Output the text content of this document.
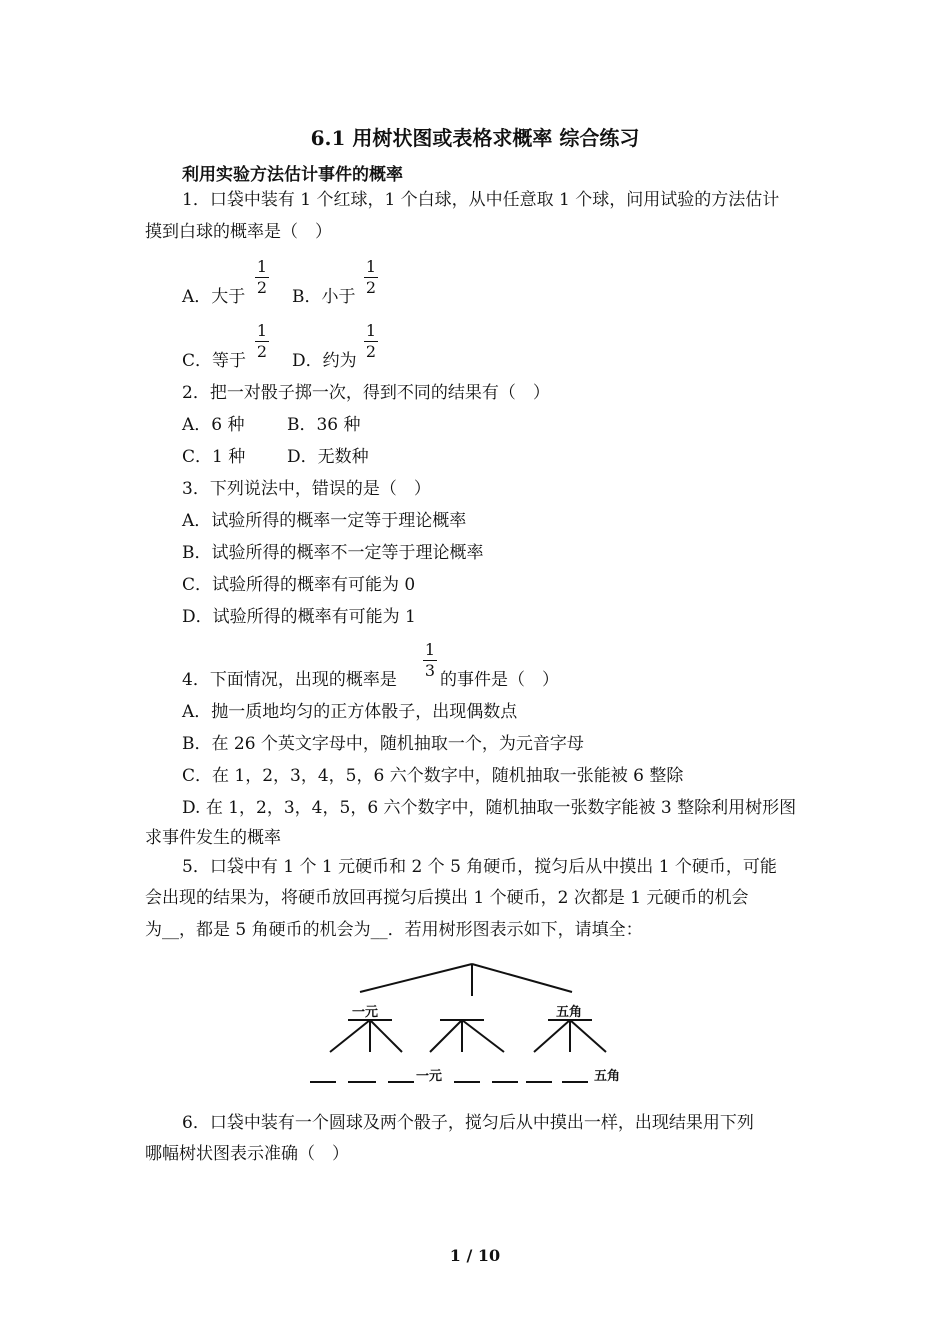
6.1 用树状图或表格求概率 综合练习
利用实验方法估计事件的概率
1．口袋中装有 1 个红球，1 个白球，从中任意取 1 个球，问用试验的方法估计
摸到白球的概率是（　）
A．大于
1
2 B．小于
1
2
C．等于
1
2 D．约为
1
2
2．把一对骰子掷一次，得到不同的结果有（　）
A．6 种	B．36 种
C．1 种 D．无数种
3．下列说法中，错误的是（　）
A．试验所得的概率一定等于理论概率
B．试验所得的概率不一定等于理论概率
C．试验所得的概率有可能为 0
D．试验所得的概率有可能为 1
4．下面情况，出现的概率是
1
3 的事件是（　）
A．抛一质地均匀的正方体骰子，出现偶数点
B．在 26 个英文字母中，随机抽取一个，为元音字母
C．在 1，2，3，4，5，6 六个数字中，随机抽取一张能被 6 整除
D. 在 1，2，3，4，5，6 六个数字中，随机抽取一张数字能被 3 整除利用树形图
求事件发生的概率
5．口袋中有 1 个 1 元硬币和 2 个 5 角硬币，搅匀后从中摸出 1 个硬币，可能
会出现的结果为，将硬币放回再搅匀后摸出 1 个硬币，2 次都是 1 元硬币的机会
为__，都是 5 角硬币的机会为__．若用树形图表示如下，请填全：
一元	五角
一元	五角
6．口袋中装有一个圆球及两个骰子，搅匀后从中摸出一样，出现结果用下列
哪幅树状图表示准确（　）
1 / 10
